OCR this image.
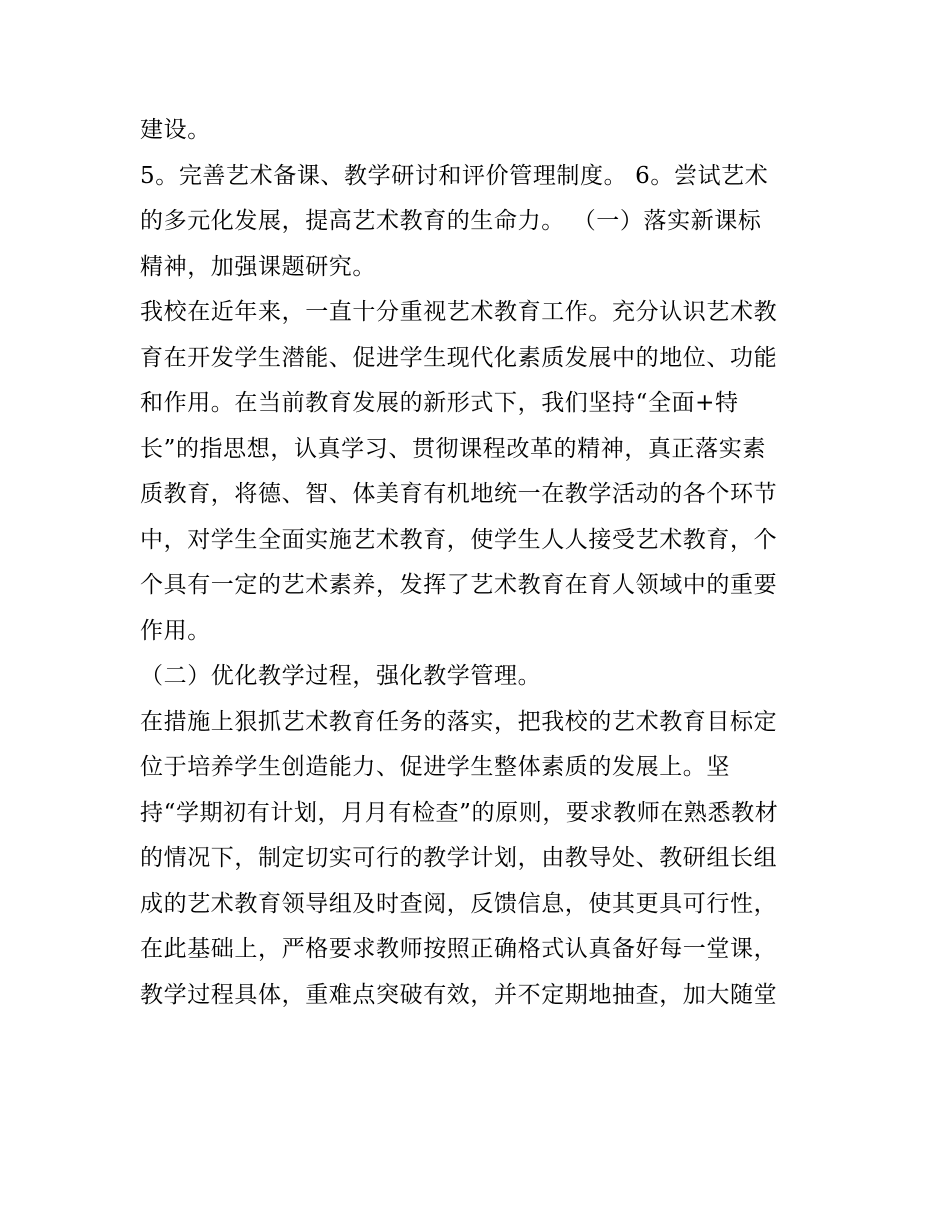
建设。
5。完善艺术备课、教学研讨和评价管理制度。 6。尝试艺术
的多元化发展，提高艺术教育的生命力。 （一）落实新课标
精神，加强课题研究。
我校在近年来，一直十分重视艺术教育工作。充分认识艺术教
育在开发学生潜能、促进学生现代化素质发展中的地位、功能
和作用。在当前教育发展的新形式下，我们坚持“全面+特
长”的指思想，认真学习、贯彻课程改革的精神，真正落实素
质教育，将德、智、体美育有机地统一在教学活动的各个环节
中，对学生全面实施艺术教育，使学生人人接受艺术教育，个
个具有一定的艺术素养，发挥了艺术教育在育人领域中的重要
作用。
（二）优化教学过程，强化教学管理。
在措施上狠抓艺术教育任务的落实，把我校的艺术教育目标定
位于培养学生创造能力、促进学生整体素质的发展上。坚
持“学期初有计划，月月有检查”的原则，要求教师在熟悉教材
的情况下，制定切实可行的教学计划，由教导处、教研组长组
成的艺术教育领导组及时查阅，反馈信息，使其更具可行性，
在此基础上，严格要求教师按照正确格式认真备好每一堂课，
教学过程具体，重难点突破有效，并不定期地抽查，加大随堂
